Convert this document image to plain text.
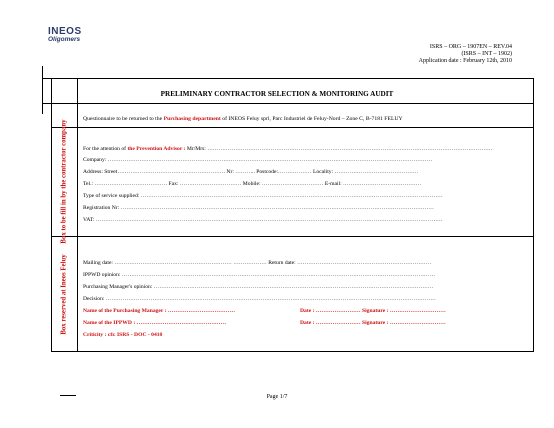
INEOS
Oligomers
ISRS – ORG – 1907EN – REV.04
(ISRS – INT – 1902)
Application date : February 12th, 2010
PRELIMINARY CONTRACTOR SELECTION & MONITORING AUDIT
Questionnaire to be returned to the Purchasing department of INEOS Feluy sprl, Parc Industriel de Feluy-Nord – Zone C, B-7181 FELUY
Box to be fill in by the contractor company
Box reserved at Ineos Feluy
For the attention of the Prevention Advisor : Mr/Mrs: ………………………………………………………………………………………………………………………………………
Company: …………………………………………………………………………………………………………………………………………………………
Address: Street…………………………………………………. Nr: ……….. Postcode:……………… Locality: ………………………………………
Tel.: ………………………………… Fax: …………………………… Mobile: …………………………… E-mail: ……………………………………
Type of service supplied: ………………………………………………………………………………………………………………………………………………
Registration Nr: ……………………………………………………………………………………………………………………………………………………
VAT: ……………………………………………………………………………………………………………………………………………………………………
Mailing date: ……………………………………………………… ……………… Return date: ………………………………………………………………
IPPWD opinion: ……………………………………………………………………………………………………………………………………………………
Purchasing Manager's opinion: ……………………………………………………………………………………………………………………………………
Decision: ……………………………………………………………………………………………………………………………………………………………
Name of the Purchasing Manager : ………………………………	Date : …………………… Signature : …………………………
Name of the IPPWD : …………………………………………	Date : …………………… Signature : …………………………
Criticity : cfr. ISRS - DOC - 0410
Page 1/7
